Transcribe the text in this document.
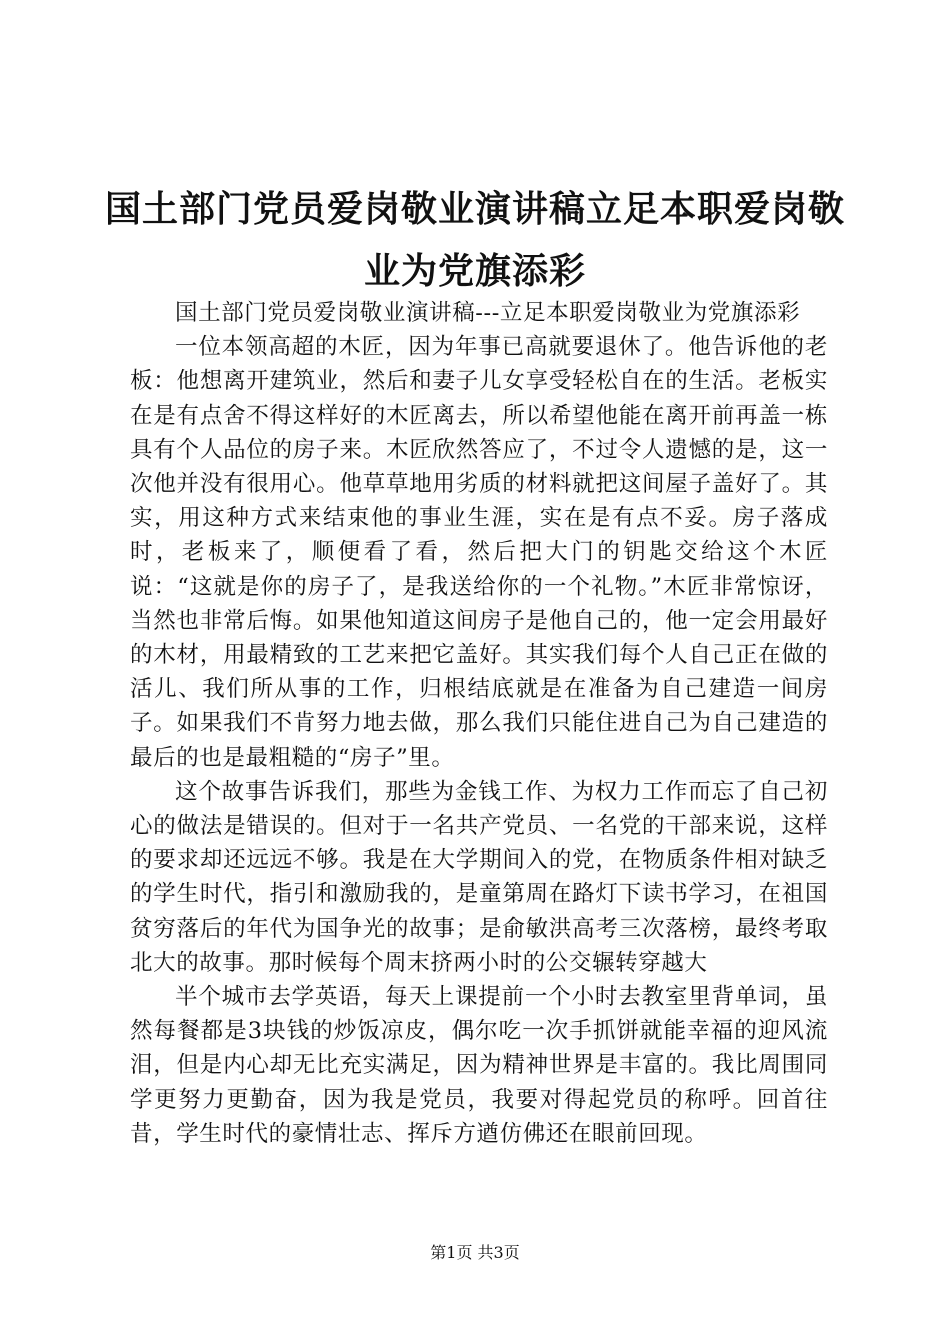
国土部门党员爱岗敬业演讲稿立足本职爱岗敬业为党旗添彩

国土部门党员爱岗敬业演讲稿---立足本职爱岗敬业为党旗添彩

一位本领高超的木匠，因为年事已高就要退休了。他告诉他的老板：他想离开建筑业，然后和妻子儿女享受轻松自在的生活。老板实在是有点舍不得这样好的木匠离去，所以希望他能在离开前再盖一栋具有个人品位的房子来。木匠欣然答应了，不过令人遗憾的是，这一次他并没有很用心。他草草地用劣质的材料就把这间屋子盖好了。其实，用这种方式来结束他的事业生涯，实在是有点不妥。房子落成时，老板来了，顺便看了看，然后把大门的钥匙交给这个木匠说：“这就是你的房子了，是我送给你的一个礼物。”木匠非常惊讶，当然也非常后悔。如果他知道这间房子是他自己的，他一定会用最好的木材，用最精致的工艺来把它盖好。其实我们每个人自己正在做的活儿、我们所从事的工作，归根结底就是在准备为自己建造一间房子。如果我们不肯努力地去做，那么我们只能住进自己为自己建造的最后的也是最粗糙的“房子”里。

这个故事告诉我们，那些为金钱工作、为权力工作而忘了自己初心的做法是错误的。但对于一名共产党员、一名党的干部来说，这样的要求却还远远不够。我是在大学期间入的党，在物质条件相对缺乏的学生时代，指引和激励我的，是童第周在路灯下读书学习，在祖国贫穷落后的年代为国争光的故事；是俞敏洪高考三次落榜，最终考取北大的故事。那时候每个周末挤两小时的公交辗转穿越大

半个城市去学英语，每天上课提前一个小时去教室里背单词，虽然每餐都是3块钱的炒饭凉皮，偶尔吃一次手抓饼就能幸福的迎风流泪，但是内心却无比充实满足，因为精神世界是丰富的。我比周围同学更努力更勤奋，因为我是党员，我要对得起党员的称呼。回首往昔，学生时代的豪情壮志、挥斥方遒仿佛还在眼前回现。

第1页 共3页
